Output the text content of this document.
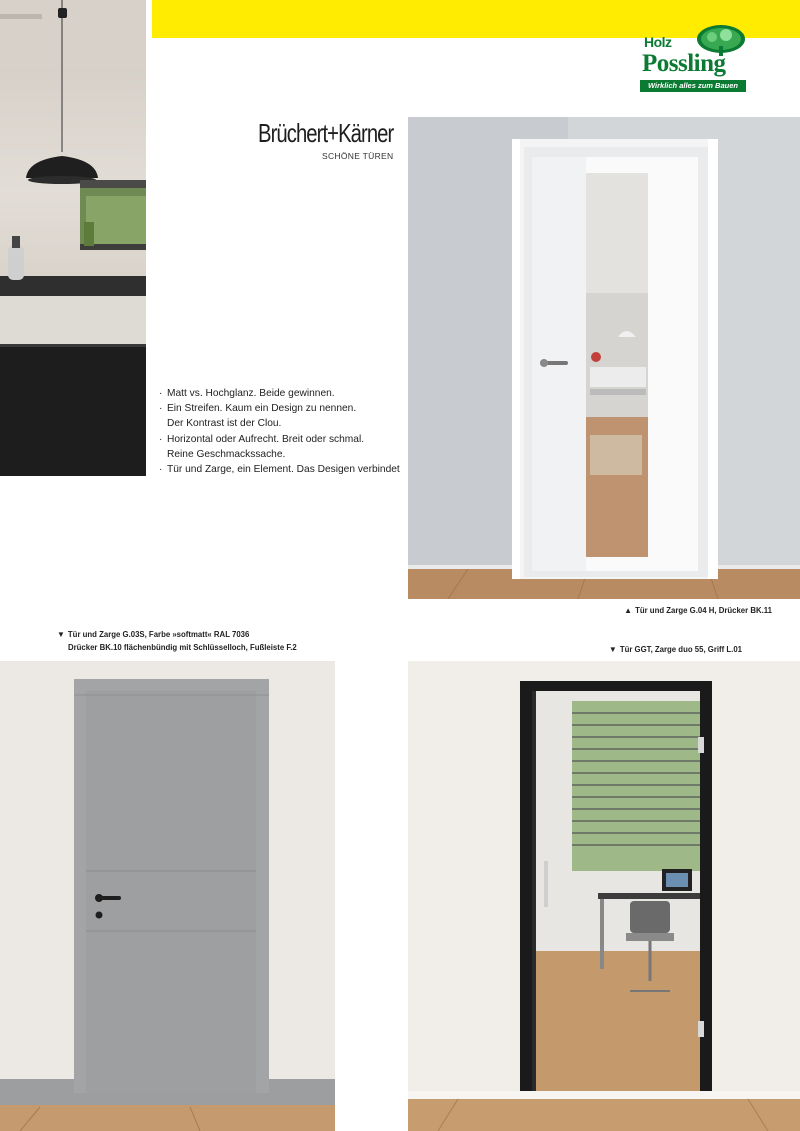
Holz
Possling
Wirklich alles zum Bauen
Brüchert+Kärner
SCHÖNE TÜREN
· Matt vs. Hochglanz. Beide gewinnen.
· Ein Streifen. Kaum ein Design zu nennen.
Der Kontrast ist der Clou.
· Horizontal oder Aufrecht. Breit oder schmal.
Reine Geschmackssache.
· Tür und Zarge, ein Element. Das Desigen verbindet
▲ Tür und Zarge G.04 H, Drücker BK.11
▼ Tür und Zarge G.03S, Farbe »softmatt« RAL 7036
Drücker BK.10 flächenbündig mit Schlüsselloch, Fußleiste F.2	▼ Tür GGT, Zarge duo 55, Griff L.01
